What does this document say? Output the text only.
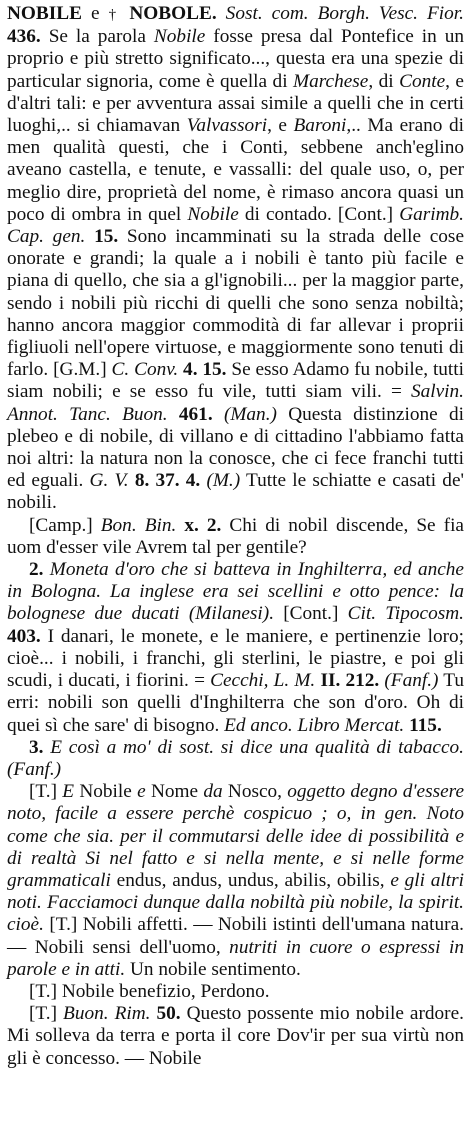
NOBILE e † NOBOLE. Sost. com. Borgh. Vesc. Fior. 436. Se la parola Nobile fosse presa dal Pontefice in un proprio e più stretto significato..., questa era una spezie di particular signoria, come è quella di Marchese, di Conte, e d'altri tali: e per avventura assai simile a quelli che in certi luoghi,.. si chiamavan Valvassori, e Baroni,.. Ma erano di men qualità questi, che i Conti, sebbene anch'eglino aveano castella, e tenute, e vassalli: del quale uso, o, per meglio dire, proprietà del nome, è rimaso ancora quasi un poco di ombra in quel Nobile di contado. [Cont.] Garimb. Cap. gen. 15. Sono incamminati su la strada delle cose onorate e grandi; la quale a i nobili è tanto più facile e piana di quello, che sia a gl'ignobili... per la maggior parte, sendo i nobili più ricchi di quelli che sono senza nobiltà; hanno ancora maggior commodità di far allevar i proprii figliuoli nell'opere virtuose, e maggiormente sono tenuti di farlo. [G.M.] C. Conv. 4. 15. Se esso Adamo fu nobile, tutti siam nobili; e se esso fu vile, tutti siam vili. = Salvin. Annot. Tanc. Buon. 461. (Man.) Questa distinzione di plebeo e di nobile, di villano e di cittadino l'abbiamo fatta noi altri: la natura non la conosce, che ci fece franchi tutti ed eguali. G. V. 8. 37. 4. (M.) Tutte le schiatte e casati de' nobili.

[Camp.] Bon. Bin. x. 2. Chi di nobil discende, Se fia uom d'esser vile Avrem tal per gentile?

2. Moneta d'oro che si batteva in Inghilterra, ed anche in Bologna. La inglese era sei scellini e otto pence: la bolognese due ducati (Milanesi). [Cont.] Cit. Tipocosm. 403. I danari, le monete, e le maniere, e pertinenzie loro; cioè... i nobili, i franchi, gli sterlini, le piastre, e poi gli scudi, i ducati, i fiorini. = Cecchi, L. M. II. 212. (Fanf.) Tu erri: nobili son quelli d'Inghilterra che son d'oro. Oh di quei sì che sare' di bisogno. Ed anco. Libro Mercat. 115.

3. E così a mo' di sost. si dice una qualità di tabacco. (Fanf.)

[T.] E Nobile e Nome da Nosco, oggetto degno d'essere noto, facile a essere perchè cospicuo ; o, in gen. Noto come che sia. per il commutarsi delle idee di possibilità e di realtà Si nel fatto e si nella mente, e si nelle forme grammaticali endus, andus, undus, abilis, obilis, e gli altri noti. Facciamoci dunque dalla nobiltà più nobile, la spirit. cioè. [T.] Nobili affetti. — Nobili istinti dell'umana natura. — Nobili sensi dell'uomo, nutriti in cuore o espressi in parole e in atti. Un nobile sentimento.

[T.] Nobile benefizio, Perdono.

[T.] Buon. Rim. 50. Questo possente mio nobile ardore. Mi solleva da terra e porta il core Dov'ir per sua virtù non gli è concesso. — Nobile
